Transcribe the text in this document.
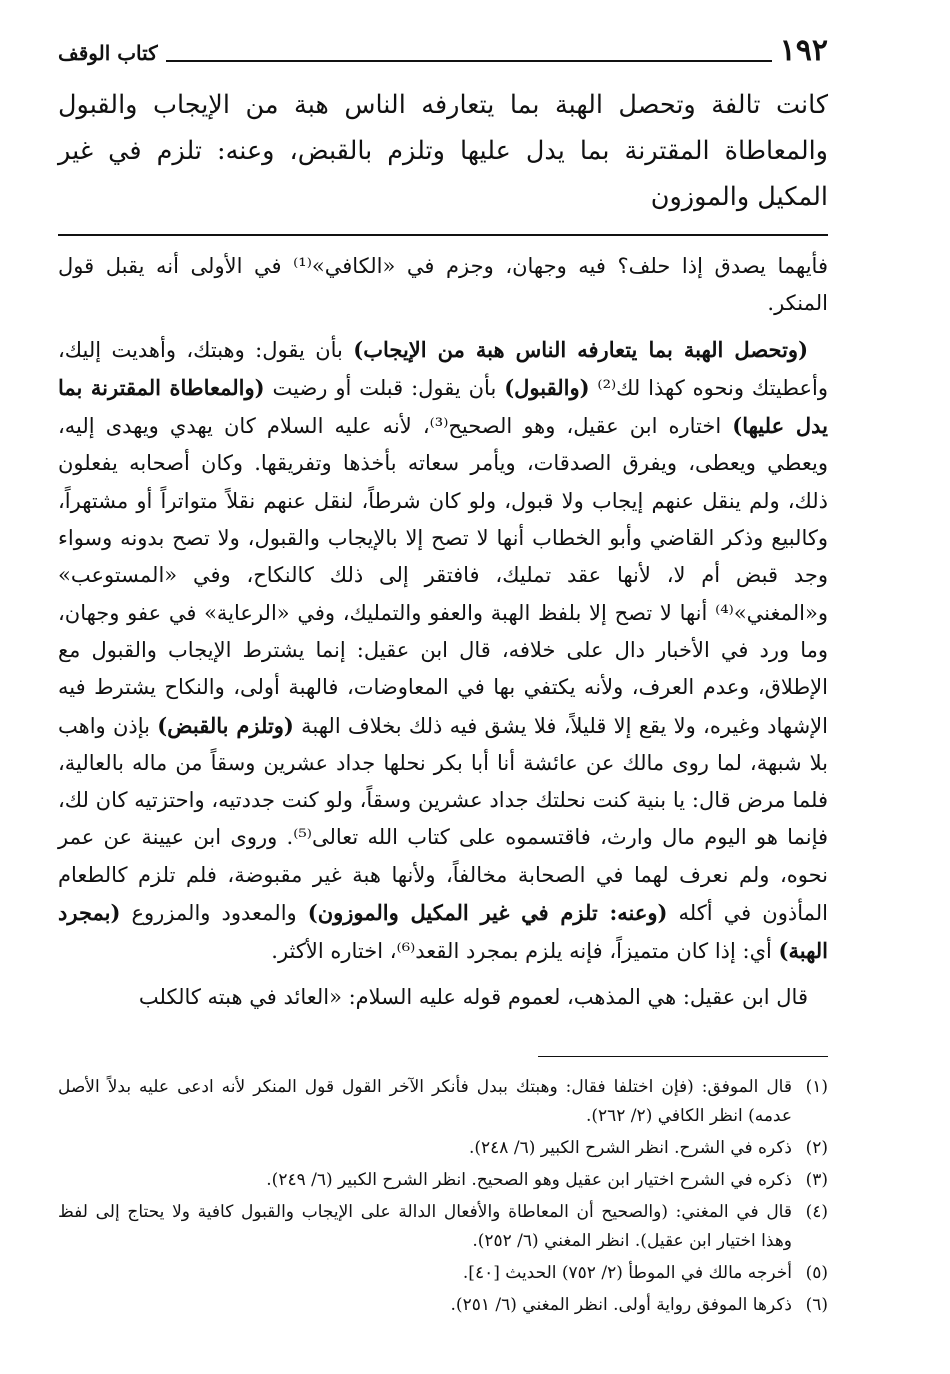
١٩٢
كتاب الوقف
كانت تالفة وتحصل الهبة بما يتعارفه الناس هبة من الإيجاب والقبول والمعاطاة المقترنة بما يدل عليها وتلزم بالقبض، وعنه: تلزم في غير المكيل والموزون

فأيهما يصدق إذا حلف؟ فيه وجهان، وجزم في «الكافي»⁽¹⁾ في الأولى أنه يقبل قول المنكر.

(وتحصل الهبة بما يتعارفه الناس هبة من الإيجاب) بأن يقول: وهبتك، وأهديت إليك، وأعطيتك ونحوه كهذا لك⁽²⁾ (والقبول) بأن يقول: قبلت أو رضيت (والمعاطاة المقترنة بما يدل عليها) اختاره ابن عقيل، وهو الصحيح⁽³⁾، لأنه عليه السلام كان يهدي ويهدى إليه، ويعطي ويعطى، ويفرق الصدقات، ويأمر سعاته بأخذها وتفريقها. وكان أصحابه يفعلون ذلك، ولم ينقل عنهم إيجاب ولا قبول، ولو كان شرطاً، لنقل عنهم نقلاً متواتراً أو مشتهراً، وكالبيع وذكر القاضي وأبو الخطاب أنها لا تصح إلا بالإيجاب والقبول، ولا تصح بدونه وسواء وجد قبض أم لا، لأنها عقد تمليك، فافتقر إلى ذلك كالنكاح، وفي «المستوعب» و«المغني»⁽⁴⁾ أنها لا تصح إلا بلفظ الهبة والعفو والتمليك، وفي «الرعاية» في عفو وجهان، وما ورد في الأخبار دال على خلافه، قال ابن عقيل: إنما يشترط الإيجاب والقبول مع الإطلاق، وعدم العرف، ولأنه يكتفي بها في المعاوضات، فالهبة أولى، والنكاح يشترط فيه الإشهاد وغيره، ولا يقع إلا قليلاً، فلا يشق فيه ذلك بخلاف الهبة (وتلزم بالقبض) بإذن واهب بلا شبهة، لما روى مالك عن عائشة أنا أبا بكر نحلها جداد عشرين وسقاً من ماله بالعالية، فلما مرض قال: يا بنية كنت نحلتك جداد عشرين وسقاً، ولو كنت جددتيه، واحتزتيه كان لك، فإنما هو اليوم مال وارث، فاقتسموه على كتاب الله تعالى⁽⁵⁾. وروى ابن عيينة عن عمر نحوه، ولم نعرف لهما في الصحابة مخالفاً، ولأنها هبة غير مقبوضة، فلم تلزم كالطعام المأذون في أكله (وعنه: تلزم في غير المكيل والموزون) والمعدود والمزروع (بمجرد الهبة) أي: إذا كان متميزاً، فإنه يلزم بمجرد القعد⁽⁶⁾، اختاره الأكثر.

قال ابن عقيل: هي المذهب، لعموم قوله عليه السلام: «العائد في هبته كالكلب

(١)
قال الموفق: (فإن اختلفا فقال: وهبتك ببدل فأنكر الآخر القول قول المنكر لأنه ادعى عليه بدلاً الأصل عدمه) انظر الكافي (٢/ ٢٦٢).
(٢)
ذكره في الشرح. انظر الشرح الكبير (٦/ ٢٤٨).
(٣)
ذكره في الشرح اختيار ابن عقيل وهو الصحيح. انظر الشرح الكبير (٦/ ٢٤٩).
(٤)
قال في المغني: (والصحيح أن المعاطاة والأفعال الدالة على الإيجاب والقبول كافية ولا يحتاج إلى لفظ وهذا اختيار ابن عقيل). انظر المغني (٦/ ٢٥٢).
(٥)
أخرجه مالك في الموطأ (٢/ ٧٥٢) الحديث [٤٠].
(٦)
ذكرها الموفق رواية أولى. انظر المغني (٦/ ٢٥١).
